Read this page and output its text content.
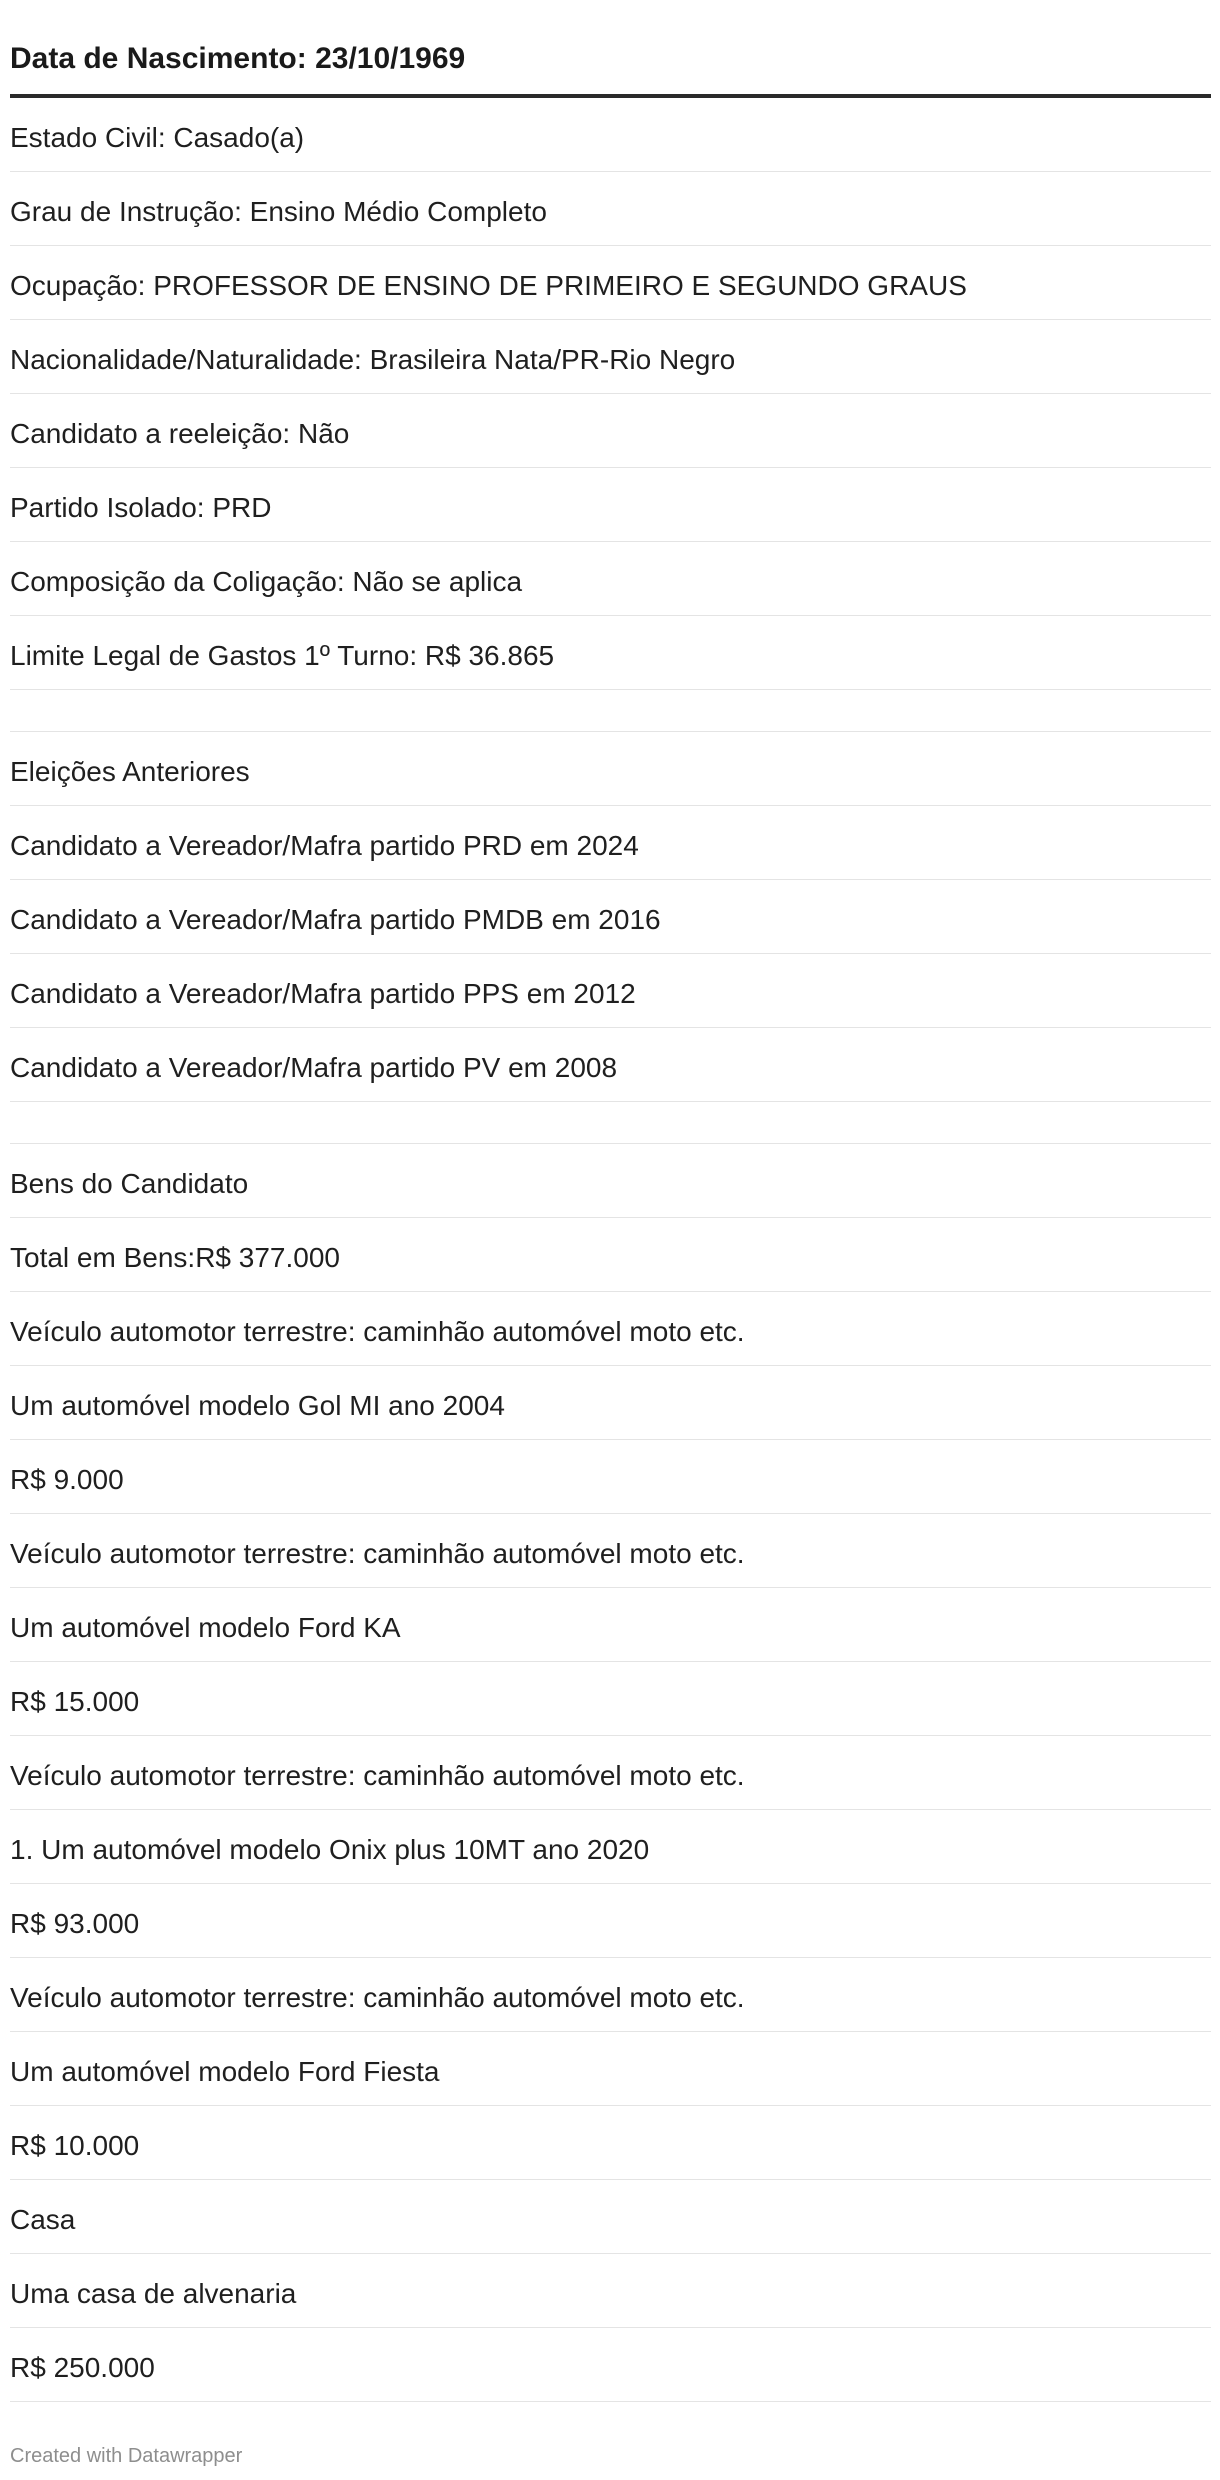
Data de Nascimento: 23/10/1969
Estado Civil: Casado(a)
Grau de Instrução: Ensino Médio Completo
Ocupação: PROFESSOR DE ENSINO DE PRIMEIRO E SEGUNDO GRAUS
Nacionalidade/Naturalidade: Brasileira Nata/PR-Rio Negro
Candidato a reeleição: Não
Partido Isolado: PRD
Composição da Coligação: Não se aplica
Limite Legal de Gastos 1º Turno: R$ 36.865
Eleições Anteriores
Candidato a Vereador/Mafra partido PRD em 2024
Candidato a Vereador/Mafra partido PMDB em 2016
Candidato a Vereador/Mafra partido PPS em 2012
Candidato a Vereador/Mafra partido PV em 2008
Bens do Candidato
Total em Bens:R$ 377.000
Veículo automotor terrestre: caminhão automóvel moto etc.
Um automóvel modelo Gol MI ano 2004
R$ 9.000
Veículo automotor terrestre: caminhão automóvel moto etc.
Um automóvel modelo Ford KA
R$ 15.000
Veículo automotor terrestre: caminhão automóvel moto etc.
1. Um automóvel modelo Onix plus 10MT ano 2020
R$ 93.000
Veículo automotor terrestre: caminhão automóvel moto etc.
Um automóvel modelo Ford Fiesta
R$ 10.000
Casa
Uma casa de alvenaria
R$ 250.000
Created with Datawrapper
